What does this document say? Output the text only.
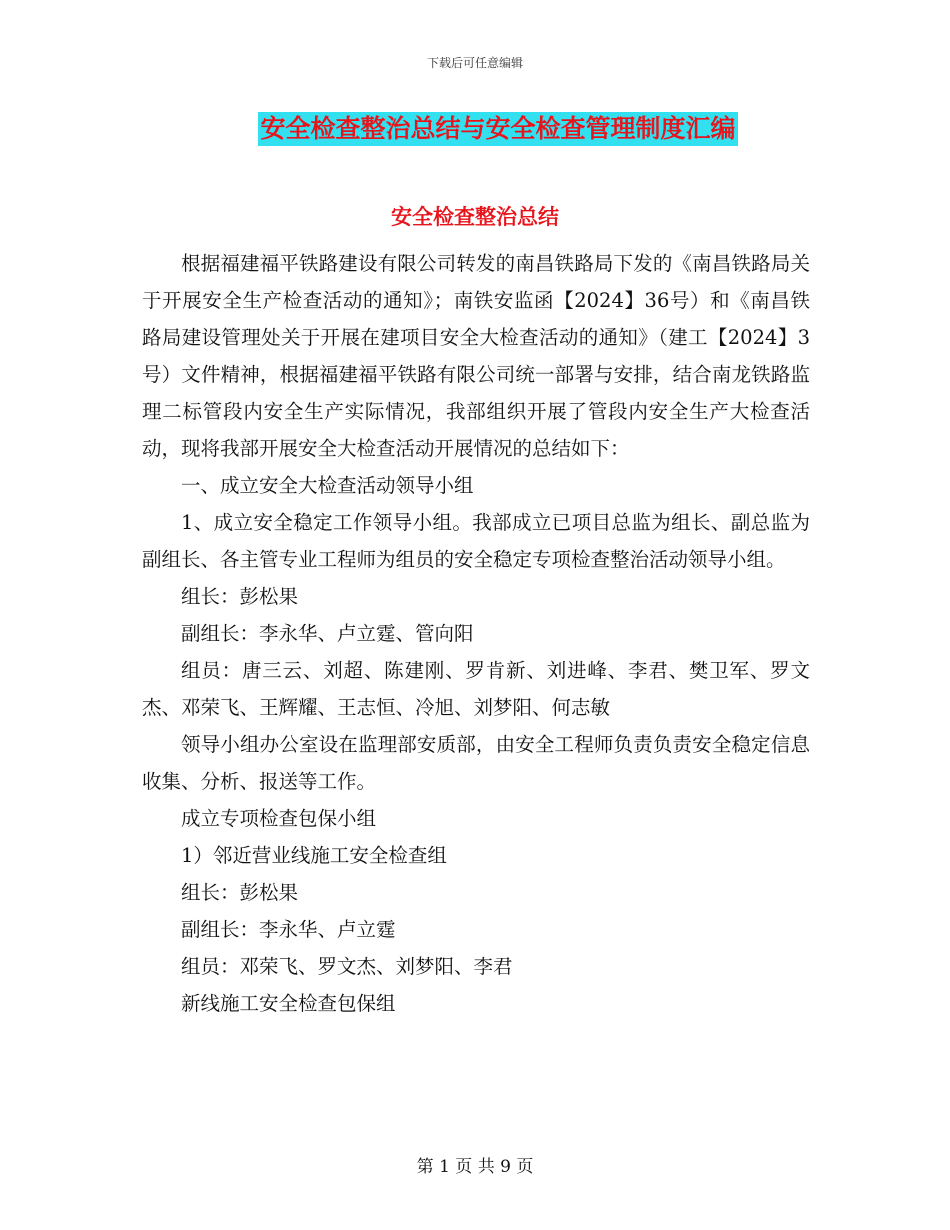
下载后可任意编辑
安全检查整治总结与安全检查管理制度汇编
安全检查整治总结

根据福建福平铁路建设有限公司转发的南昌铁路局下发的《南昌铁路局关于开展安全生产检查活动的通知》；南铁安监函【2024】36号）和《南昌铁路局建设管理处关于开展在建项目安全大检查活动的通知》（建工【2024】3号）文件精神，根据福建福平铁路有限公司统一部署与安排，结合南龙铁路监理二标管段内安全生产实际情况，我部组织开展了管段内安全生产大检查活动，现将我部开展安全大检查活动开展情况的总结如下：

一、成立安全大检查活动领导小组

1、成立安全稳定工作领导小组。我部成立已项目总监为组长、副总监为副组长、各主管专业工程师为组员的安全稳定专项检查整治活动领导小组。

组长：彭松果

副组长：李永华、卢立霆、管向阳

组员：唐三云、刘超、陈建刚、罗肯新、刘进峰、李君、樊卫军、罗文杰、邓荣飞、王辉耀、王志恒、冷旭、刘梦阳、何志敏

领导小组办公室设在监理部安质部，由安全工程师负责负责安全稳定信息收集、分析、报送等工作。

成立专项检查包保小组

1）邻近营业线施工安全检查组

组长：彭松果

副组长：李永华、卢立霆

组员：邓荣飞、罗文杰、刘梦阳、李君

新线施工安全检查包保组

第 1 页 共 9 页
